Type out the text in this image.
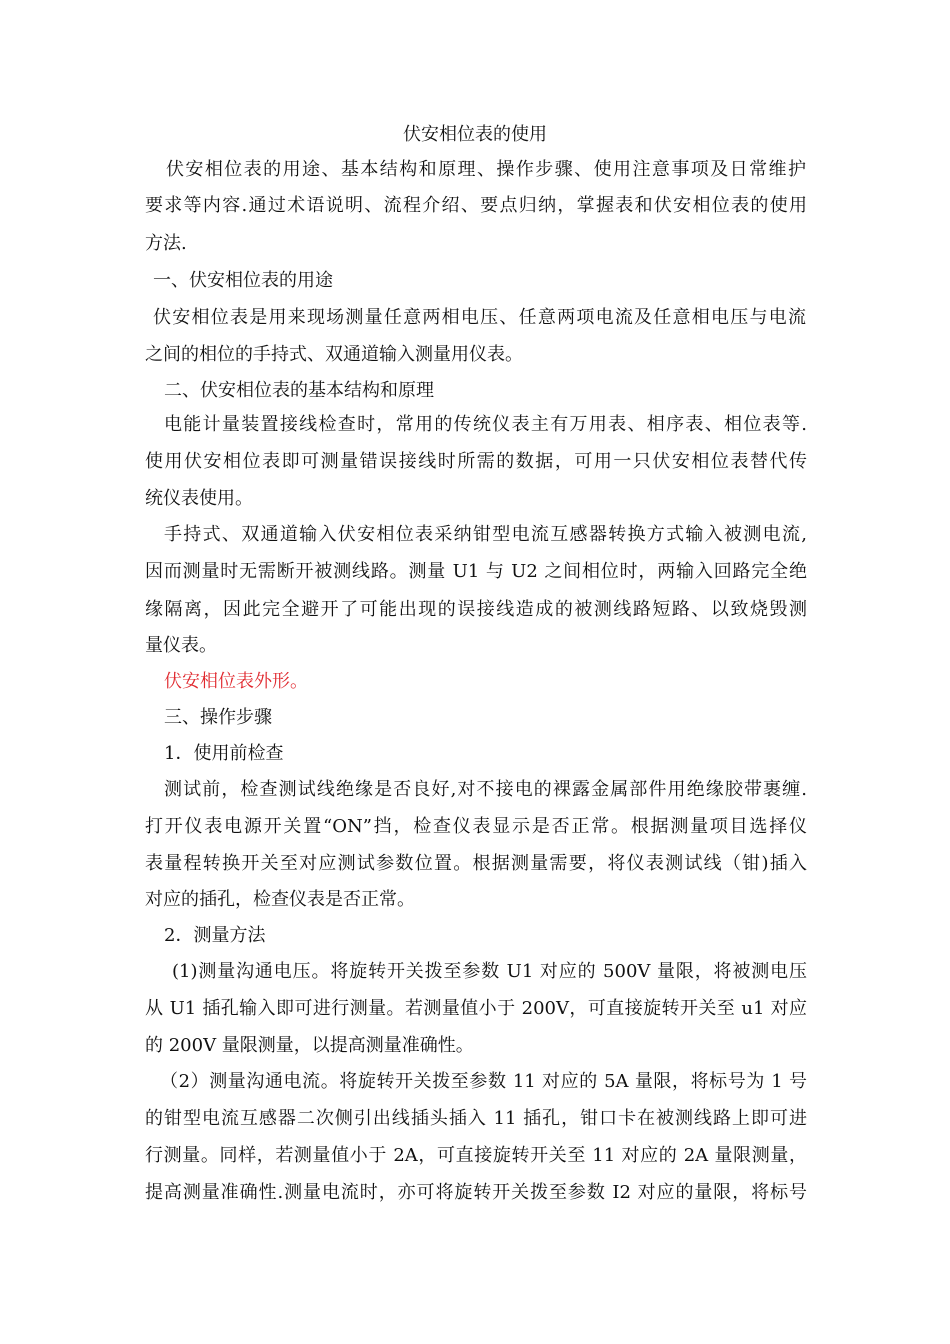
伏安相位表的使用
伏安相位表的用途、基本结构和原理、操作步骤、使用注意事项及日常维护
要求等内容.通过术语说明、流程介绍、要点归纳，掌握表和伏安相位表的使用
方法.
一、伏安相位表的用途
伏安相位表是用来现场测量任意两相电压、任意两项电流及任意相电压与电流
之间的相位的手持式、双通道输入测量用仪表。
二、伏安相位表的基本结构和原理
电能计量装置接线检查时，常用的传统仪表主有万用表、相序表、相位表等.
使用伏安相位表即可测量错误接线时所需的数据，可用一只伏安相位表替代传
统仪表使用。
手持式、双通道输入伏安相位表采纳钳型电流互感器转换方式输入被测电流,
因而测量时无需断开被测线路。测量 U1 与 U2 之间相位时，两输入回路完全绝
缘隔离，因此完全避开了可能出现的误接线造成的被测线路短路、以致烧毁测
量仪表。
伏安相位表外形。
三、操作步骤
1．使用前检查
测试前，检查测试线绝缘是否良好,对不接电的裸露金属部件用绝缘胶带裹缠.
打开仪表电源开关置“ON”挡，检查仪表显示是否正常。根据测量项目选择仪
表量程转换开关至对应测试参数位置。根据测量需要，将仪表测试线（钳)插入
对应的插孔，检查仪表是否正常。
2．测量方法
(1)测量沟通电压。将旋转开关拨至参数 U1 对应的 500V 量限，将被测电压
从 U1 插孔输入即可进行测量。若测量值小于 200V，可直接旋转开关至 u1 对应
的 200V 量限测量，以提高测量准确性。
（2）测量沟通电流。将旋转开关拨至参数 11 对应的 5A 量限，将标号为 1 号
的钳型电流互感器二次侧引出线插头插入 11 插孔，钳口卡在被测线路上即可进
行测量。同样，若测量值小于 2A，可直接旋转开关至 11 对应的 2A 量限测量，
提高测量准确性.测量电流时，亦可将旋转开关拨至参数 I2 对应的量限，将标号
